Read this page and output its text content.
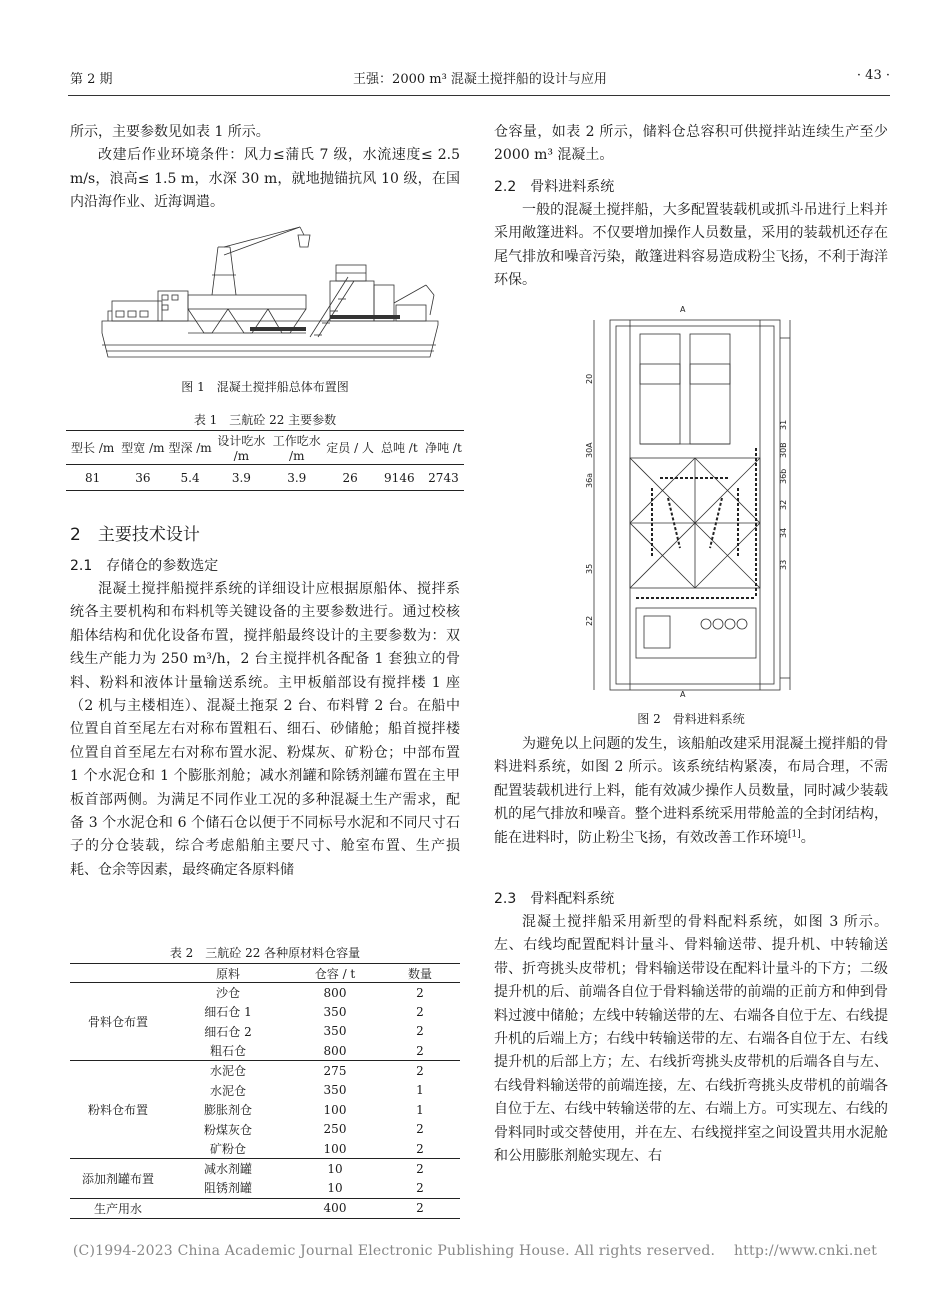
第 2 期	王强：2000 m³ 混凝土搅拌船的设计与应用	· 43 ·

所示，主要参数见如表 1 所示。

改建后作业环境条件：风力≤蒲氏 7 级，水流速度≤ 2.5 m/s，浪高≤ 1.5 m，水深 30 m，就地抛锚抗风 10 级，在国内沿海作业、近海调遣。

图 1　混凝土搅拌船总体布置图
表 1　三航砼 22 主要参数
型长 /m	型宽 /m	型深 /m	设计吃水 /m	工作吃水 /m	定员 / 人	总吨 /t	净吨 /t
81	36	5.4	3.9	3.9	26	9146	2743
2　主要技术设计
2.1　存储仓的参数选定

混凝土搅拌船搅拌系统的详细设计应根据原船体、搅拌系统各主要机构和布料机等关键设备的主要参数进行。通过校核船体结构和优化设备布置，搅拌船最终设计的主要参数为：双线生产能力为 250 m³/h，2 台主搅拌机各配备 1 套独立的骨料、粉料和液体计量输送系统。主甲板艏部设有搅拌楼 1 座（2 机与主楼相连）、混凝土拖泵 2 台、布料臂 2 台。在船中位置自首至尾左右对称布置粗石、细石、砂储舱；船首搅拌楼位置自首至尾左右对称布置水泥、粉煤灰、矿粉仓；中部布置 1 个水泥仓和 1 个膨胀剂舱；减水剂罐和除锈剂罐布置在主甲板首部两侧。为满足不同作业工况的多种混凝土生产需求，配备 3 个水泥仓和 6 个储石仓以便于不同标号水泥和不同尺寸石子的分仓装载，综合考虑船舶主要尺寸、舱室布置、生产损耗、仓余等因素，最终确定各原料储

表 2　三航砼 22 各种原材料仓容量
	原料	仓容 / t	数量
骨料仓布置	沙仓	800	2
	细石仓 1	350	2
	细石仓 2	350	2
	粗石仓	800	2
粉料仓布置	水泥仓	275	2
	水泥仓	350	1
	膨胀剂仓	100	1
	粉煤灰仓	250	2
	矿粉仓	100	2
添加剂罐布置	减水剂罐	10	2
	阻锈剂罐	10	2
生产用水		400	2

仓容量，如表 2 所示，储料仓总容积可供搅拌站连续生产至少 2000 m³ 混凝土。

2.2　骨料进料系统

一般的混凝土搅拌船，大多配置装载机或抓斗吊进行上料并采用敞篷进料。不仅要增加操作人员数量，采用的装载机还存在尾气排放和噪音污染，敞篷进料容易造成粉尘飞扬，不利于海洋环保。

20
31
30B
30A
36a	36b
32
34
35	33
22
A
A
图 2　骨料进料系统

为避免以上问题的发生，该船舶改建采用混凝土搅拌船的骨料进料系统，如图 2 所示。该系统结构紧凑，布局合理，不需配置装载机进行上料，能有效减少操作人员数量，同时减少装载机的尾气排放和噪音。整个进料系统采用带舱盖的全封闭结构，能在进料时，防止粉尘飞扬，有效改善工作环境[1]。

2.3　骨料配料系统

混凝土搅拌船采用新型的骨料配料系统，如图 3 所示。左、右线均配置配料计量斗、骨料输送带、提升机、中转输送带、折弯挑头皮带机；骨料输送带设在配料计量斗的下方；二级提升机的后、前端各自位于骨料输送带的前端的正前方和伸到骨料过渡中储舱；左线中转输送带的左、右端各自位于左、右线提升机的后端上方；右线中转输送带的左、右端各自位于左、右线提升机的后部上方；左、右线折弯挑头皮带机的后端各自与左、右线骨料输送带的前端连接，左、右线折弯挑头皮带机的前端各自位于左、右线中转输送带的左、右端上方。可实现左、右线的骨料同时或交替使用，并在左、右线搅拌室之间设置共用水泥舱和公用膨胀剂舱实现左、右

(C)1994-2023 China Academic Journal Electronic Publishing House. All rights reserved.　 http://www.cnki.net
